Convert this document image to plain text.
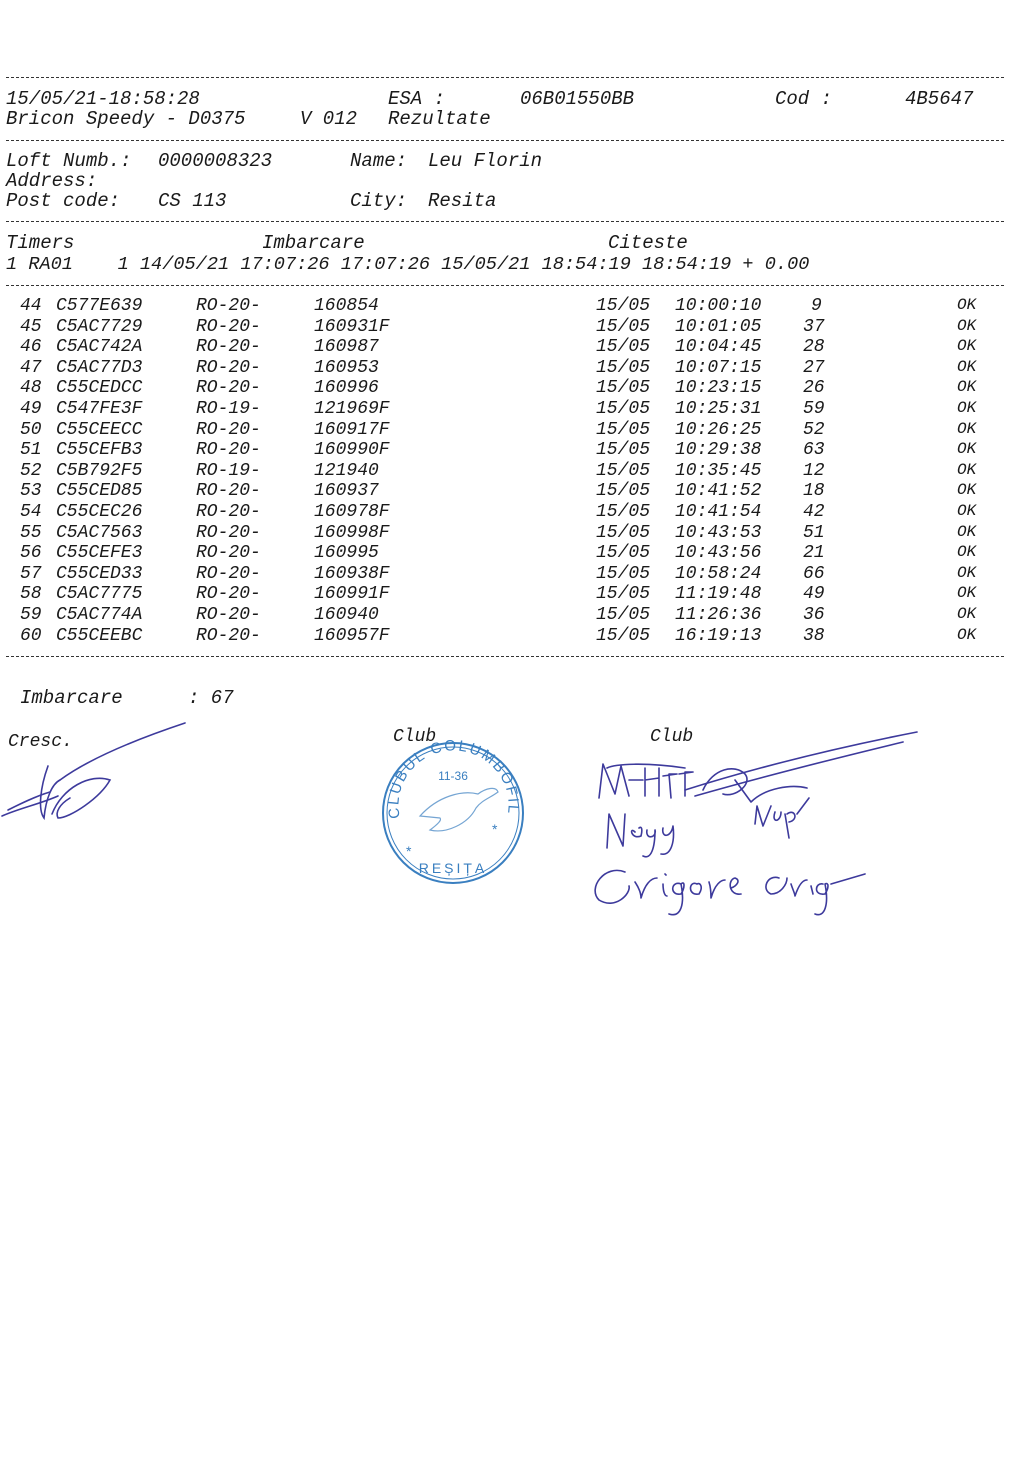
15/05/21-18:58:28	ESA :	06B01550BB	Cod :	4B5647
Bricon Speedy - D0375	V 012 Rezultate
Loft Numb.: 0000008323	Name: Leu Florin
Address:
Post code: CS 113	City: Resita
Timers	Imbarcare	Citeste
1 RA01    1 14/05/21 17:07:26 17:07:26 15/05/21 18:54:19 18:54:19 + 0.00
44 C577E639	RO-20-	160854	15/05 10:00:10	9	OK
45 C5AC7729	RO-20-	160931F	15/05 10:01:05 37	OK
46 C5AC742A	RO-20-	160987	15/05 10:04:45 28	OK
47 C5AC77D3	RO-20-	160953	15/05 10:07:15 27	OK
48 C55CEDCC	RO-20-	160996	15/05 10:23:15 26	OK
49 C547FE3F	RO-19-	121969F	15/05 10:25:31 59	OK
50 C55CEECC	RO-20-	160917F	15/05 10:26:25 52	OK
51 C55CEFB3	RO-20-	160990F	15/05 10:29:38 63	OK
52 C5B792F5	RO-19-	121940	15/05 10:35:45 12	OK
53 C55CED85	RO-20-	160937	15/05 10:41:52 18	OK
54 C55CEC26	RO-20-	160978F	15/05 10:41:54 42	OK
55 C5AC7563	RO-20-	160998F	15/05 10:43:53 51	OK
56 C55CEFE3	RO-20-	160995	15/05 10:43:56 21	OK
57 C55CED33	RO-20-	160938F	15/05 10:58:24 66	OK
58 C5AC7775	RO-20-	160991F	15/05 11:19:48 49	OK
59 C5AC774A	RO-20-	160940	15/05 11:26:36 36	OK
60 C55CEEBC	RO-20-	160957F	15/05 16:19:13 38	OK
Imbarcare	: 67
Cresc.	Club	Club
CLUBUL COLUMBOFIL
11-36
REȘIȚA
*
*
